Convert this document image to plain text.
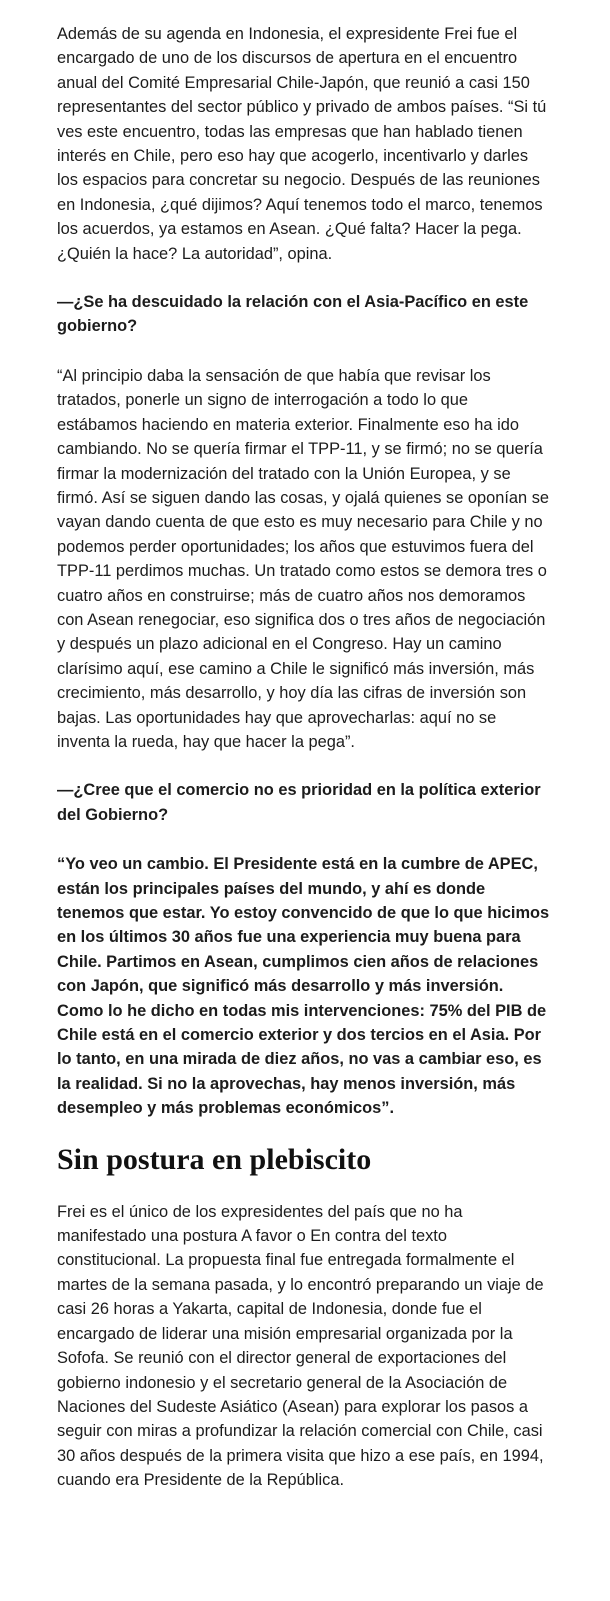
Además de su agenda en Indonesia, el expresidente Frei fue el encargado de uno de los discursos de apertura en el encuentro anual del Comité Empresarial Chile-Japón, que reunió a casi 150 representantes del sector público y privado de ambos países. “Si tú ves este encuentro, todas las empresas que han hablado tienen interés en Chile, pero eso hay que acogerlo, incentivarlo y darles los espacios para concretar su negocio. Después de las reuniones en Indonesia, ¿qué dijimos? Aquí tenemos todo el marco, tenemos los acuerdos, ya estamos en Asean. ¿Qué falta? Hacer la pega. ¿Quién la hace? La autoridad”, opina.

—¿Se ha descuidado la relación con el Asia-Pacífico en este gobierno?

“Al principio daba la sensación de que había que revisar los tratados, ponerle un signo de interrogación a todo lo que estábamos haciendo en materia exterior. Finalmente eso ha ido cambiando. No se quería firmar el TPP-11, y se firmó; no se quería firmar la modernización del tratado con la Unión Europea, y se firmó. Así se siguen dando las cosas, y ojalá quienes se oponían se vayan dando cuenta de que esto es muy necesario para Chile y no podemos perder oportunidades; los años que estuvimos fuera del TPP-11 perdimos muchas. Un tratado como estos se demora tres o cuatro años en construirse; más de cuatro años nos demoramos con Asean renegociar, eso significa dos o tres años de negociación y después un plazo adicional en el Congreso. Hay un camino clarísimo aquí, ese camino a Chile le significó más inversión, más crecimiento, más desarrollo, y hoy día las cifras de inversión son bajas. Las oportunidades hay que aprovecharlas: aquí no se inventa la rueda, hay que hacer la pega”.

—¿Cree que el comercio no es prioridad en la política exterior del Gobierno?

“Yo veo un cambio. El Presidente está en la cumbre de APEC, están los principales países del mundo, y ahí es donde tenemos que estar. Yo estoy convencido de que lo que hicimos en los últimos 30 años fue una experiencia muy buena para Chile. Partimos en Asean, cumplimos cien años de relaciones con Japón, que significó más desarrollo y más inversión. Como lo he dicho en todas mis intervenciones: 75% del PIB de Chile está en el comercio exterior y dos tercios en el Asia. Por lo tanto, en una mirada de diez años, no vas a cambiar eso, es la realidad. Si no la aprovechas, hay menos inversión, más desempleo y más problemas económicos”.

Sin postura en plebiscito

Frei es el único de los expresidentes del país que no ha manifestado una postura A favor o En contra del texto constitucional. La propuesta final fue entregada formalmente el martes de la semana pasada, y lo encontró preparando un viaje de casi 26 horas a Yakarta, capital de Indonesia, donde fue el encargado de liderar una misión empresarial organizada por la Sofofa. Se reunió con el director general de exportaciones del gobierno indonesio y el secretario general de la Asociación de Naciones del Sudeste Asiático (Asean) para explorar los pasos a seguir con miras a profundizar la relación comercial con Chile, casi 30 años después de la primera visita que hizo a ese país, en 1994, cuando era Presidente de la República.
